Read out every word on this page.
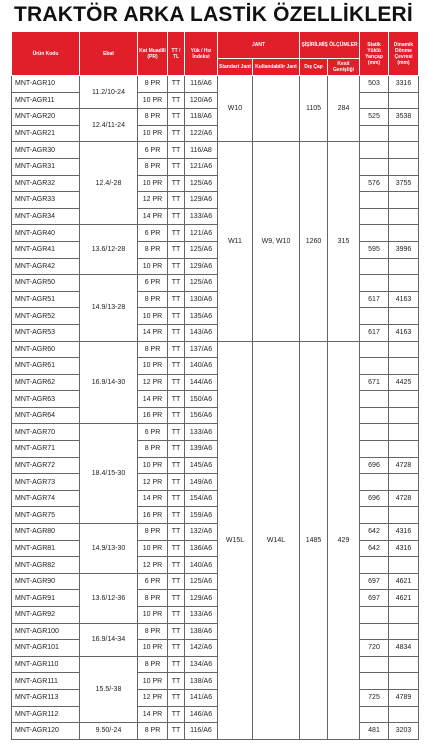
TRAKTÖR ARKA LASTİK ÖZELLİKLERİ
Ürün Kodu	Ebat	Kat Muadili (PR)	TT / TL	Yük / Hız İndeksi	JANT		ŞİŞİRİLMİŞ ÖLÇÜMLER		Statik Yüklü Yarıçap (mm)	Dinamik Dönme Çevresi (mm)
					Standart Jant	Kullanılabilir Jant	Dış Çap	Kesit Genişliği		
MNT-AGR10	11.2/10-24	8 PR	TT	116/A6	W10		1105	284	503	3316
MNT-AGR11		10 PR	TT	120/A6						
MNT-AGR20	12.4/11-24	8 PR	TT	118/A6					525	3538
MNT-AGR21		10 PR	TT	122/A6						
MNT-AGR30	12.4/-28	6 PR	TT	116/A8	W11	W9, W10	1260	315		
MNT-AGR31		8 PR	TT	121/A6						
MNT-AGR32		10 PR	TT	125/A6					576	3755
MNT-AGR33		12 PR	TT	129/A6						
MNT-AGR34		14 PR	TT	133/A6						
MNT-AGR40	13.6/12-28	6 PR	TT	121/A6						
MNT-AGR41		8 PR	TT	125/A6					595	3996
MNT-AGR42		10 PR	TT	129/A6						
MNT-AGR50	14.9/13-28	6 PR	TT	125/A6						
MNT-AGR51		8 PR	TT	130/A6					617	4163
MNT-AGR52		10 PR	TT	135/A6						
MNT-AGR53		14 PR	TT	143/A6					617	4163
MNT-AGR60	16.9/14-30	8 PR	TT	137/A6	W15L	W14L	1485	429		
MNT-AGR61		10 PR	TT	140/A6						
MNT-AGR62		12 PR	TT	144/A6					671	4425
MNT-AGR63		14 PR	TT	150/A6						
MNT-AGR64		16 PR	TT	156/A6						
MNT-AGR70	18.4/15-30	6 PR	TT	133/A6						
MNT-AGR71		8 PR	TT	139/A6						
MNT-AGR72		10 PR	TT	145/A6					696	4728
MNT-AGR73		12 PR	TT	149/A6						
MNT-AGR74		14 PR	TT	154/A6					696	4728
MNT-AGR75		16 PR	TT	159/A6						
MNT-AGR80	14.9/13-30	8 PR	TT	132/A6					642	4316
MNT-AGR81		10 PR	TT	136/A6					642	4316
MNT-AGR82		12 PR	TT	140/A6						
MNT-AGR90	13.6/12-36	6 PR	TT	125/A6					697	4621
MNT-AGR91		8 PR	TT	129/A6					697	4621
MNT-AGR92		10 PR	TT	133/A6						
MNT-AGR100	16.9/14-34	8 PR	TT	138/A6						
MNT-AGR101		10 PR	TT	142/A6					720	4834
MNT-AGR110	15.5/-38	8 PR	TT	134/A6						
MNT-AGR111		10 PR	TT	138/A6						
MNT-AGR113		12 PR	TT	141/A6					725	4789
MNT-AGR112		14 PR	TT	146/A6						
MNT-AGR120	9.50/-24	8 PR	TT	116/A6					481	3203
